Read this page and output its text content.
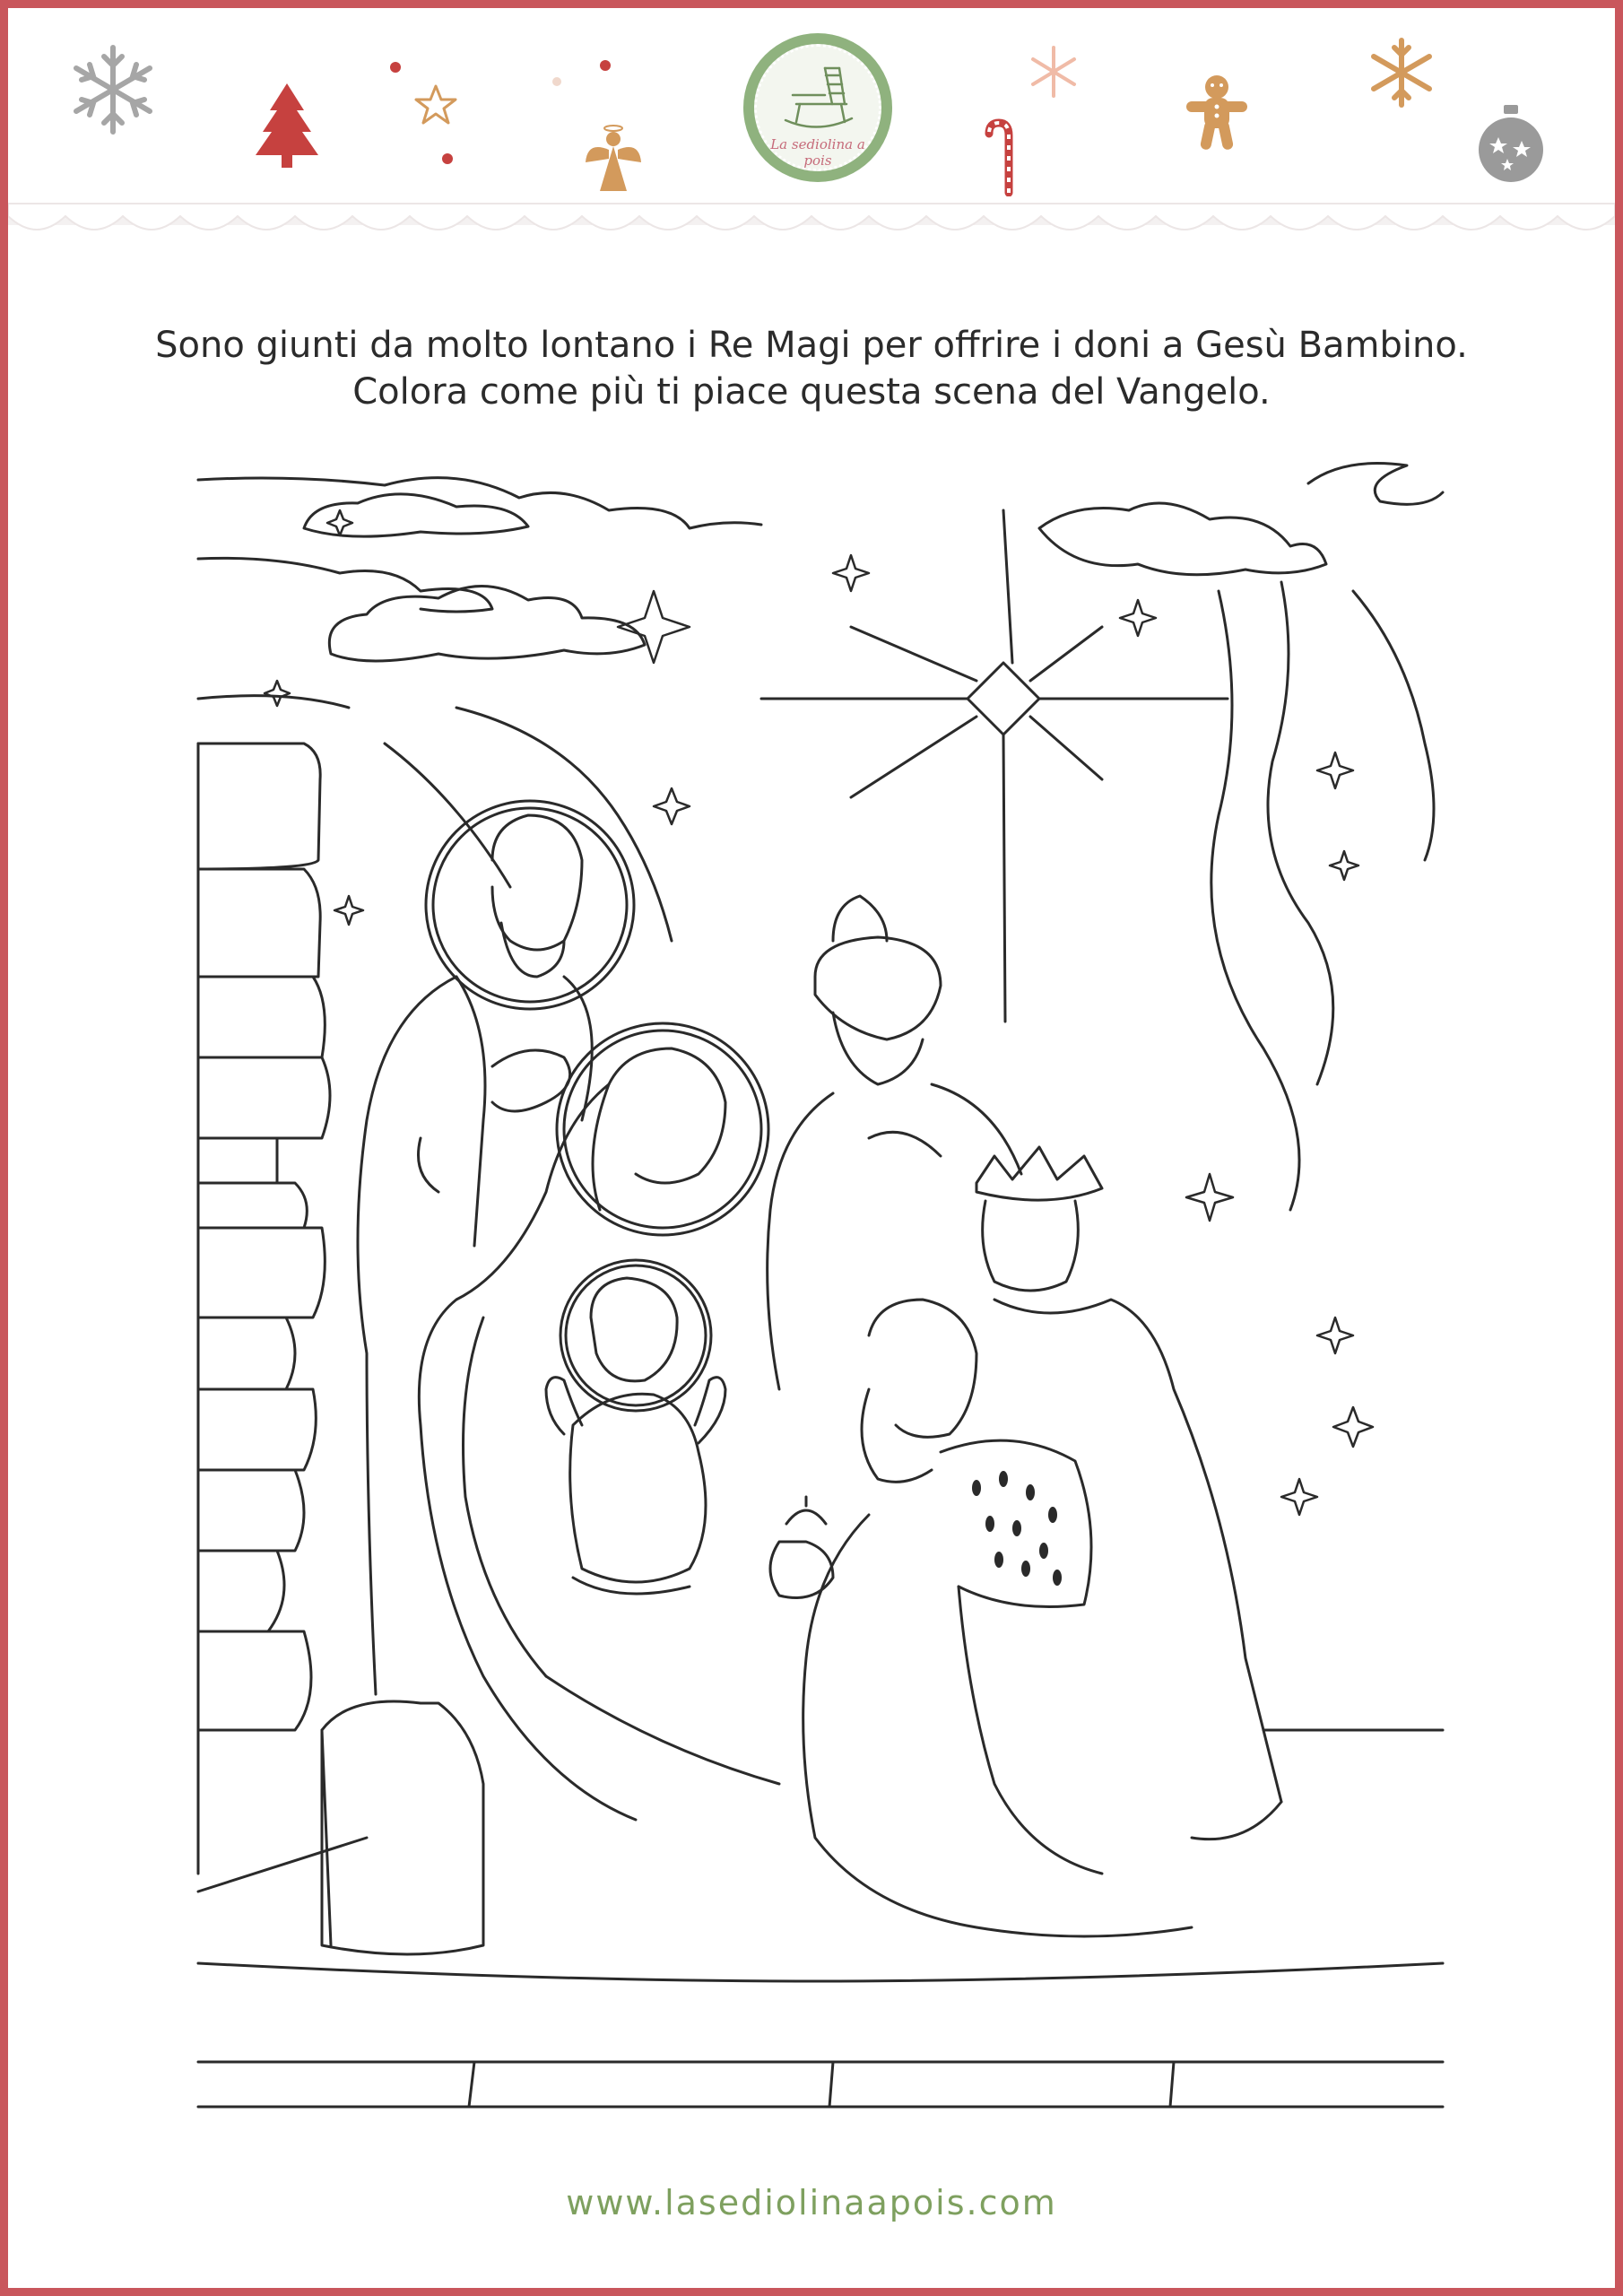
La sediolina a pois
Sono giunti da molto lontano i Re Magi per offrire i doni a Gesù Bambino.
Colora come più ti piace questa scena del Vangelo.
www.lasediolinaapois.com
